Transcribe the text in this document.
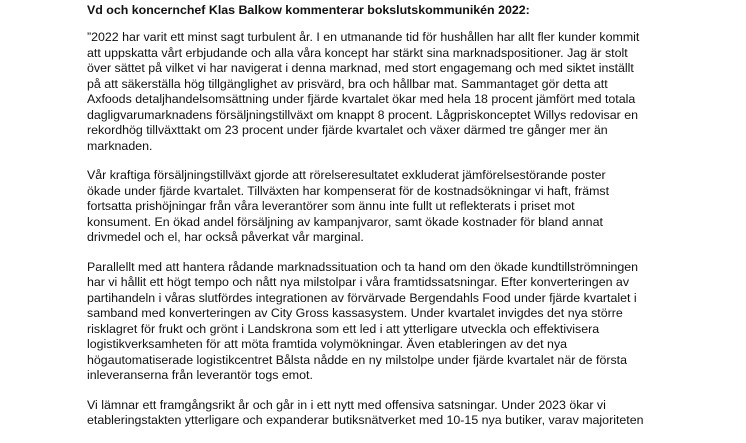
Vd och koncernchef Klas Balkow kommenterar bokslutskommunikén 2022:
”2022 har varit ett minst sagt turbulent år. I en utmanande tid för hushållen har allt fler kunder kommit
att uppskatta vårt erbjudande och alla våra koncept har stärkt sina marknadspositioner. Jag är stolt
över sättet på vilket vi har navigerat i denna marknad, med stort engagemang och med siktet inställt
på att säkerställa hög tillgänglighet av prisvärd, bra och hållbar mat. Sammantaget gör detta att
Axfoods detaljhandelsomsättning under fjärde kvartalet ökar med hela 18 procent jämfört med totala
dagligvarumarknadens försäljningstillväxt om knappt 8 procent. Lågpriskonceptet Willys redovisar en
rekordhög tillväxttakt om 23 procent under fjärde kvartalet och växer därmed tre gånger mer än
marknaden.
Vår kraftiga försäljningstillväxt gjorde att rörelseresultatet exkluderat jämförelsestörande poster
ökade under fjärde kvartalet. Tillväxten har kompenserat för de kostnadsökningar vi haft, främst
fortsatta prishöjningar från våra leverantörer som ännu inte fullt ut reflekterats i priset mot
konsument. En ökad andel försäljning av kampanjvaror, samt ökade kostnader för bland annat
drivmedel och el, har också påverkat vår marginal.
Parallellt med att hantera rådande marknadssituation och ta hand om den ökade kundtillströmningen
har vi hållit ett högt tempo och nått nya milstolpar i våra framtidssatsningar. Efter konverteringen av
partihandeln i våras slutfördes integrationen av förvärvade Bergendahls Food under fjärde kvartalet i
samband med konverteringen av City Gross kassasystem. Under kvartalet invigdes det nya större
risklagret för frukt och grönt i Landskrona som ett led i att ytterligare utveckla och effektivisera
logistikverksamheten för att möta framtida volymökningar. Även etableringen av det nya
högautomatiserade logistikcentret Bålsta nådde en ny milstolpe under fjärde kvartalet när de första
inleveranserna från leverantör togs emot.
Vi lämnar ett framgångsrikt år och går in i ett nytt med offensiva satsningar. Under 2023 ökar vi
etableringstakten ytterligare och expanderar butiksnätverket med 10-15 nya butiker, varav majoriteten
